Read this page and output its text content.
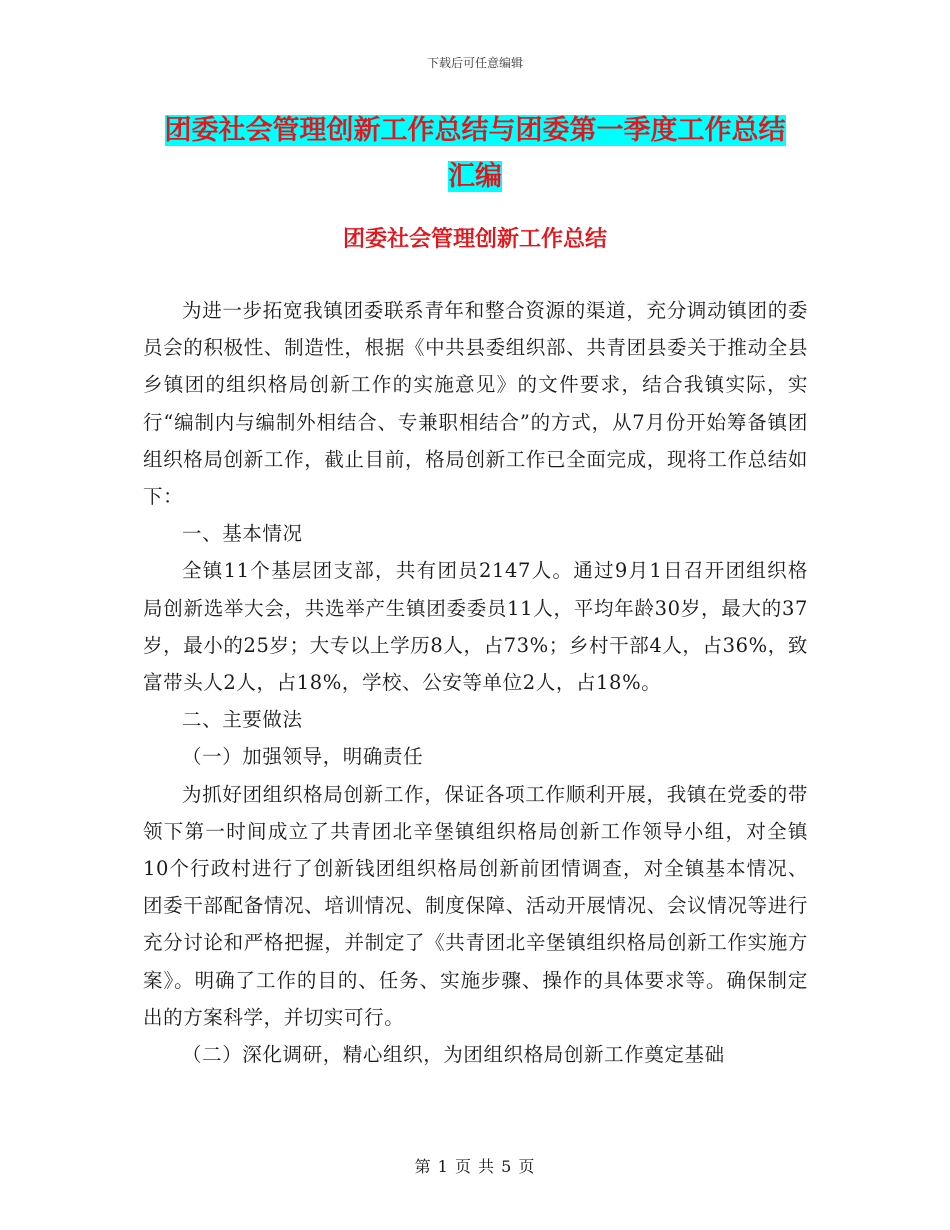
下载后可任意编辑
团委社会管理创新工作总结与团委第一季度工作总结
汇编
团委社会管理创新工作总结

为进一步拓宽我镇团委联系青年和整合资源的渠道，充分调动镇团的委员会的积极性、制造性，根据《中共县委组织部、共青团县委关于推动全县乡镇团的组织格局创新工作的实施意见》的文件要求，结合我镇实际，实行“编制内与编制外相结合、专兼职相结合”的方式，从7月份开始筹备镇团组织格局创新工作，截止目前，格局创新工作已全面完成，现将工作总结如下：

一、基本情况

全镇11个基层团支部，共有团员2147人。通过9月1日召开团组织格局创新选举大会，共选举产生镇团委委员11人，平均年龄30岁，最大的37岁，最小的25岁；大专以上学历8人，占73%；乡村干部4人，占36%，致富带头人2人，占18%，学校、公安等单位2人，占18%。

二、主要做法

（一）加强领导，明确责任

为抓好团组织格局创新工作，保证各项工作顺利开展，我镇在党委的带领下第一时间成立了共青团北辛堡镇组织格局创新工作领导小组，对全镇10个行政村进行了创新钱团组织格局创新前团情调查，对全镇基本情况、团委干部配备情况、培训情况、制度保障、活动开展情况、会议情况等进行充分讨论和严格把握，并制定了《共青团北辛堡镇组织格局创新工作实施方案》。明确了工作的目的、任务、实施步骤、操作的具体要求等。确保制定出的方案科学，并切实可行。

（二）深化调研，精心组织，为团组织格局创新工作奠定基础

第 1 页 共 5 页
